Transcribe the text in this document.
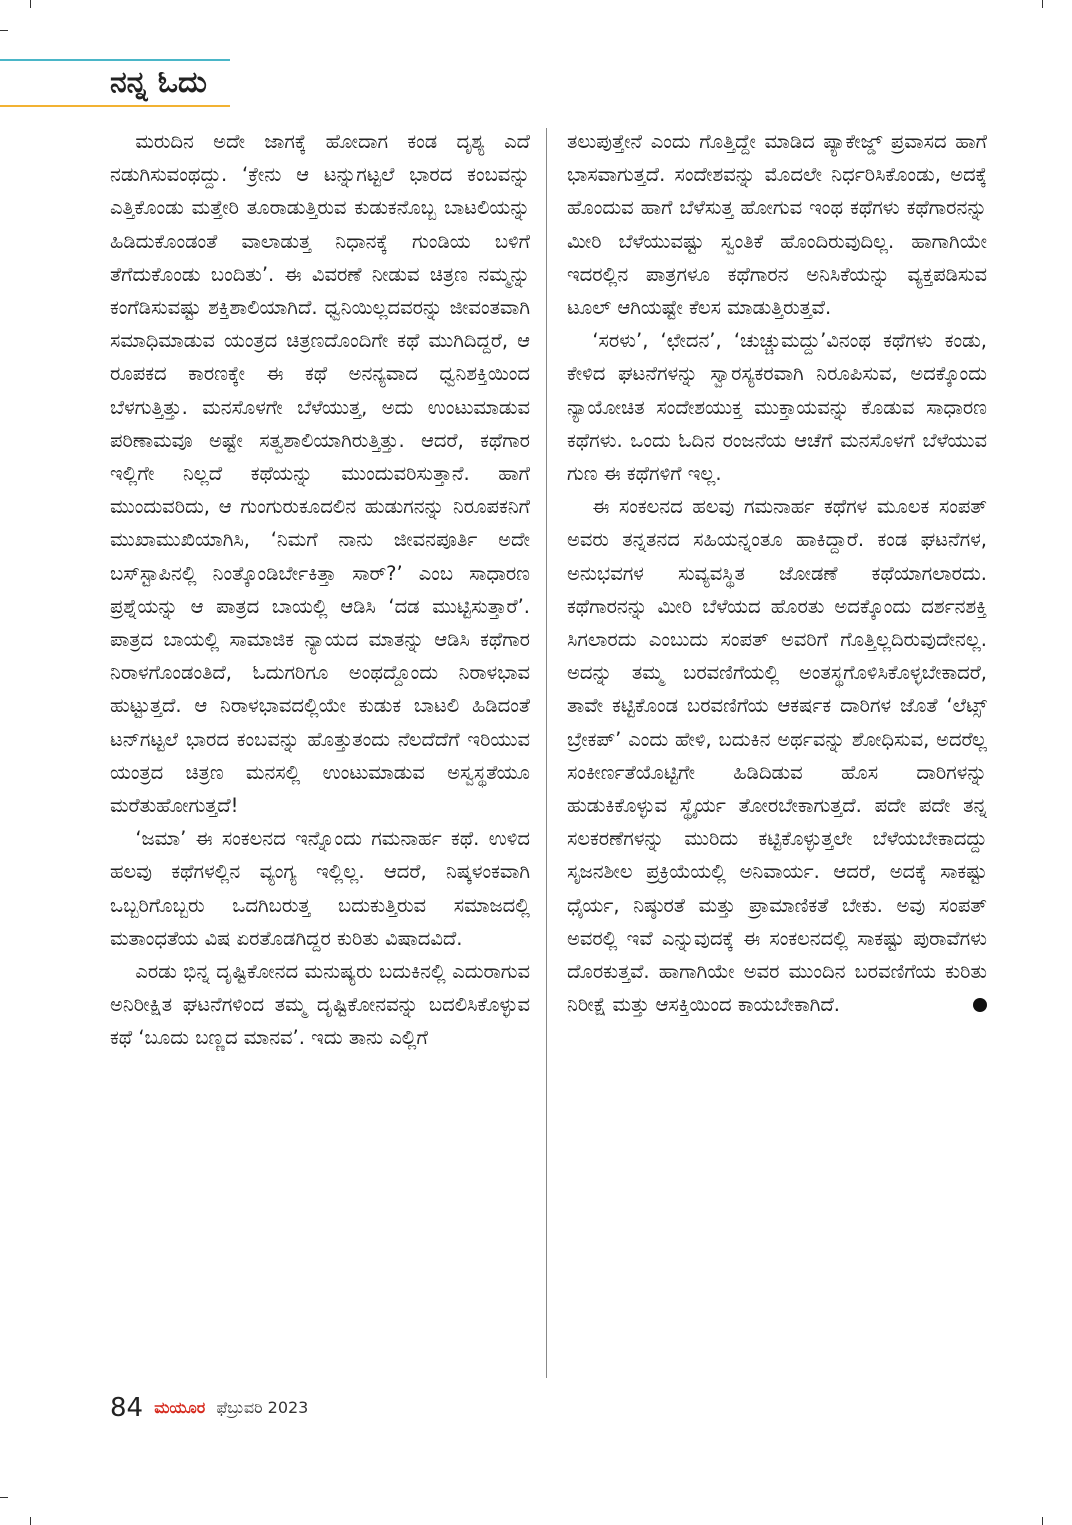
ನನ್ನ ಓದು

ಮರುದಿನ ಅದೇ ಜಾಗಕ್ಕೆ ಹೋದಾಗ ಕಂಡ ದೃಶ್ಯ ಎದೆ ನಡುಗಿಸುವಂಥದ್ದು. ‘ಕ್ರೇನು ಆ ಟನ್ನುಗಟ್ಟಲೆ ಭಾರದ ಕಂಬವನ್ನು ಎತ್ತಿಕೊಂಡು ಮತ್ತೇರಿ ತೂರಾಡುತ್ತಿರುವ ಕುಡುಕನೊಬ್ಬ ಬಾಟಲಿಯನ್ನು ಹಿಡಿದುಕೊಂಡಂತೆ ವಾಲಾಡುತ್ತ ನಿಧಾನಕ್ಕೆ ಗುಂಡಿಯ ಬಳಿಗೆ ತೆಗೆದುಕೊಂಡು ಬಂದಿತು’. ಈ ವಿವರಣೆ ನೀಡುವ ಚಿತ್ರಣ ನಮ್ಮನ್ನು ಕಂಗೆಡಿಸುವಷ್ಟು ಶಕ್ತಿಶಾಲಿಯಾಗಿದೆ. ಧ್ವನಿಯಿಲ್ಲದವರನ್ನು ಜೀವಂತವಾಗಿ ಸಮಾಧಿಮಾಡುವ ಯಂತ್ರದ ಚಿತ್ರಣದೊಂದಿಗೇ ಕಥೆ ಮುಗಿದಿದ್ದರೆ, ಆ ರೂಪಕದ ಕಾರಣಕ್ಕೇ ಈ ಕಥೆ ಅನನ್ಯವಾದ ಧ್ವನಿಶಕ್ತಿಯಿಂದ ಬೆಳಗುತ್ತಿತ್ತು. ಮನಸೊಳಗೇ ಬೆಳೆಯುತ್ತ, ಅದು ಉಂಟುಮಾಡುವ ಪರಿಣಾಮವೂ ಅಷ್ಟೇ ಸತ್ವಶಾಲಿಯಾಗಿರುತ್ತಿತ್ತು. ಆದರೆ, ಕಥೆಗಾರ ಇಲ್ಲಿಗೇ ನಿಲ್ಲದೆ ಕಥೆಯನ್ನು ಮುಂದುವರಿಸುತ್ತಾನೆ. ಹಾಗೆ ಮುಂದುವರಿದು, ಆ ಗುಂಗುರುಕೂದಲಿನ ಹುಡುಗನನ್ನು ನಿರೂಪಕನಿಗೆ ಮುಖಾಮುಖಿಯಾಗಿಸಿ, ‘ನಿಮಗೆ ನಾನು ಜೀವನಪೂರ್ತಿ ಅದೇ ಬಸ್‌ಸ್ಟಾಪಿನಲ್ಲಿ ನಿಂತ್ಕೊಂಡಿರ್ಬೇಕಿತ್ತಾ ಸಾರ್?’ ಎಂಬ ಸಾಧಾರಣ ಪ್ರಶ್ನೆಯನ್ನು ಆ ಪಾತ್ರದ ಬಾಯಲ್ಲಿ ಆಡಿಸಿ ‘ದಡ ಮುಟ್ಟಿಸುತ್ತಾರೆ’. ಪಾತ್ರದ ಬಾಯಲ್ಲಿ ಸಾಮಾಜಿಕ ನ್ಯಾಯದ ಮಾತನ್ನು ಆಡಿಸಿ ಕಥೆಗಾರ ನಿರಾಳಗೊಂಡಂತಿದೆ, ಓದುಗರಿಗೂ ಅಂಥದ್ದೊಂದು ನಿರಾಳಭಾವ ಹುಟ್ಟುತ್ತದೆ. ಆ ನಿರಾಳಭಾವದಲ್ಲಿಯೇ ಕುಡುಕ ಬಾಟಲಿ ಹಿಡಿದಂತೆ ಟನ್‌ಗಟ್ಟಲೆ ಭಾರದ ಕಂಬವನ್ನು ಹೊತ್ತುತಂದು ನೆಲದೆದೆಗೆ ಇರಿಯುವ ಯಂತ್ರದ ಚಿತ್ರಣ ಮನಸಲ್ಲಿ ಉಂಟುಮಾಡುವ ಅಸ್ವಸ್ಥತೆಯೂ ಮರೆತುಹೋಗುತ್ತದೆ!

‘ಜಮಾ’ ಈ ಸಂಕಲನದ ಇನ್ನೊಂದು ಗಮನಾರ್ಹ ಕಥೆ. ಉಳಿದ ಹಲವು ಕಥೆಗಳಲ್ಲಿನ ವ್ಯಂಗ್ಯ ಇಲ್ಲಿಲ್ಲ. ಆದರೆ, ನಿಷ್ಕಳಂಕವಾಗಿ ಒಬ್ಬರಿಗೊಬ್ಬರು ಒದಗಿಬರುತ್ತ ಬದುಕುತ್ತಿರುವ ಸಮಾಜದಲ್ಲಿ ಮತಾಂಧತೆಯ ವಿಷ ಏರತೊಡಗಿದ್ದರ ಕುರಿತು ವಿಷಾದವಿದೆ.

ಎರಡು ಭಿನ್ನ ದೃಷ್ಟಿಕೋನದ ಮನುಷ್ಯರು ಬದುಕಿನಲ್ಲಿ ಎದುರಾಗುವ ಅನಿರೀಕ್ಷಿತ ಘಟನೆಗಳಿಂದ ತಮ್ಮ ದೃಷ್ಟಿಕೋನವನ್ನು ಬದಲಿಸಿಕೊಳ್ಳುವ ಕಥೆ ‘ಬೂದು ಬಣ್ಣದ ಮಾನವ’. ಇದು ತಾನು ಎಲ್ಲಿಗೆ

ತಲುಪುತ್ತೇನೆ ಎಂದು ಗೊತ್ತಿದ್ದೇ ಮಾಡಿದ ಪ್ಯಾಕೇಜ್ಡ್ ಪ್ರವಾಸದ ಹಾಗೆ ಭಾಸವಾಗುತ್ತದೆ. ಸಂದೇಶವನ್ನು ಮೊದಲೇ ನಿರ್ಧರಿಸಿಕೊಂಡು, ಅದಕ್ಕೆ ಹೊಂದುವ ಹಾಗೆ ಬೆಳೆಸುತ್ತ ಹೋಗುವ ಇಂಥ ಕಥೆಗಳು ಕಥೆಗಾರನನ್ನು ಮೀರಿ ಬೆಳೆಯುವಷ್ಟು ಸ್ವಂತಿಕೆ ಹೊಂದಿರುವುದಿಲ್ಲ. ಹಾಗಾಗಿಯೇ ಇದರಲ್ಲಿನ ಪಾತ್ರಗಳೂ ಕಥೆಗಾರನ ಅನಿಸಿಕೆಯನ್ನು ವ್ಯಕ್ತಪಡಿಸುವ ಟೂಲ್ ಆಗಿಯಷ್ಟೇ ಕೆಲಸ ಮಾಡುತ್ತಿರುತ್ತವೆ.

‘ಸರಳು’, ‘ಛೇದನ’, ‘ಚುಚ್ಚುಮದ್ದು’ವಿನಂಥ ಕಥೆಗಳು ಕಂಡು, ಕೇಳಿದ ಘಟನೆಗಳನ್ನು ಸ್ವಾರಸ್ಯಕರವಾಗಿ ನಿರೂಪಿಸುವ, ಅದಕ್ಕೊಂದು ನ್ಯಾಯೋಚಿತ ಸಂದೇಶಯುಕ್ತ ಮುಕ್ತಾಯವನ್ನು ಕೊಡುವ ಸಾಧಾರಣ ಕಥೆಗಳು. ಒಂದು ಓದಿನ ರಂಜನೆಯ ಆಚೆಗೆ ಮನಸೊಳಗೆ ಬೆಳೆಯುವ ಗುಣ ಈ ಕಥೆಗಳಿಗೆ ಇಲ್ಲ.

ಈ ಸಂಕಲನದ ಹಲವು ಗಮನಾರ್ಹ ಕಥೆಗಳ ಮೂಲಕ ಸಂಪತ್ ಅವರು ತನ್ನತನದ ಸಹಿಯನ್ನಂತೂ ಹಾಕಿದ್ದಾರೆ. ಕಂಡ ಘಟನೆಗಳ, ಅನುಭವಗಳ ಸುವ್ಯವಸ್ಥಿತ ಜೋಡಣೆ ಕಥೆಯಾಗಲಾರದು. ಕಥೆಗಾರನನ್ನು ಮೀರಿ ಬೆಳೆಯದ ಹೊರತು ಅದಕ್ಕೊಂದು ದರ್ಶನಶಕ್ತಿ ಸಿಗಲಾರದು ಎಂಬುದು ಸಂಪತ್ ಅವರಿಗೆ ಗೊತ್ತಿಲ್ಲದಿರುವುದೇನಲ್ಲ. ಅದನ್ನು ತಮ್ಮ ಬರವಣಿಗೆಯಲ್ಲಿ ಅಂತಸ್ಥಗೊಳಿಸಿಕೊಳ್ಳಬೇಕಾದರೆ, ತಾವೇ ಕಟ್ಟಿಕೊಂಡ ಬರವಣಿಗೆಯ ಆಕರ್ಷಕ ದಾರಿಗಳ ಜೊತೆ ‘ಲೆಟ್ಸ್ ಬ್ರೇಕಪ್’ ಎಂದು ಹೇಳಿ, ಬದುಕಿನ ಅರ್ಥವನ್ನು ಶೋಧಿಸುವ, ಅದರೆಲ್ಲ ಸಂಕೀರ್ಣತೆಯೊಟ್ಟಿಗೇ ಹಿಡಿದಿಡುವ ಹೊಸ ದಾರಿಗಳನ್ನು ಹುಡುಕಿಕೊಳ್ಳುವ ಸ್ಥೈರ್ಯ ತೋರಬೇಕಾಗುತ್ತದೆ. ಪದೇ ಪದೇ ತನ್ನ ಸಲಕರಣೆಗಳನ್ನು ಮುರಿದು ಕಟ್ಟಿಕೊಳ್ಳುತ್ತಲೇ ಬೆಳೆಯಬೇಕಾದದ್ದು ಸೃಜನಶೀಲ ಪ್ರಕ್ರಿಯೆಯಲ್ಲಿ ಅನಿವಾರ್ಯ. ಆದರೆ, ಅದಕ್ಕೆ ಸಾಕಷ್ಟು ಧೈರ್ಯ, ನಿಷ್ಠುರತೆ ಮತ್ತು ಪ್ರಾಮಾಣಿಕತೆ ಬೇಕು. ಅವು ಸಂಪತ್ ಅವರಲ್ಲಿ ಇವೆ ಎನ್ನುವುದಕ್ಕೆ ಈ ಸಂಕಲನದಲ್ಲಿ ಸಾಕಷ್ಟು ಪುರಾವೆಗಳು ದೊರಕುತ್ತವೆ. ಹಾಗಾಗಿಯೇ ಅವರ ಮುಂದಿನ ಬರವಣಿಗೆಯ ಕುರಿತು ನಿರೀಕ್ಷೆ ಮತ್ತು ಆಸಕ್ತಿಯಿಂದ ಕಾಯಬೇಕಾಗಿದೆ.

84 ಮಯೂರ ಫೆಬ್ರುವರಿ 2023
